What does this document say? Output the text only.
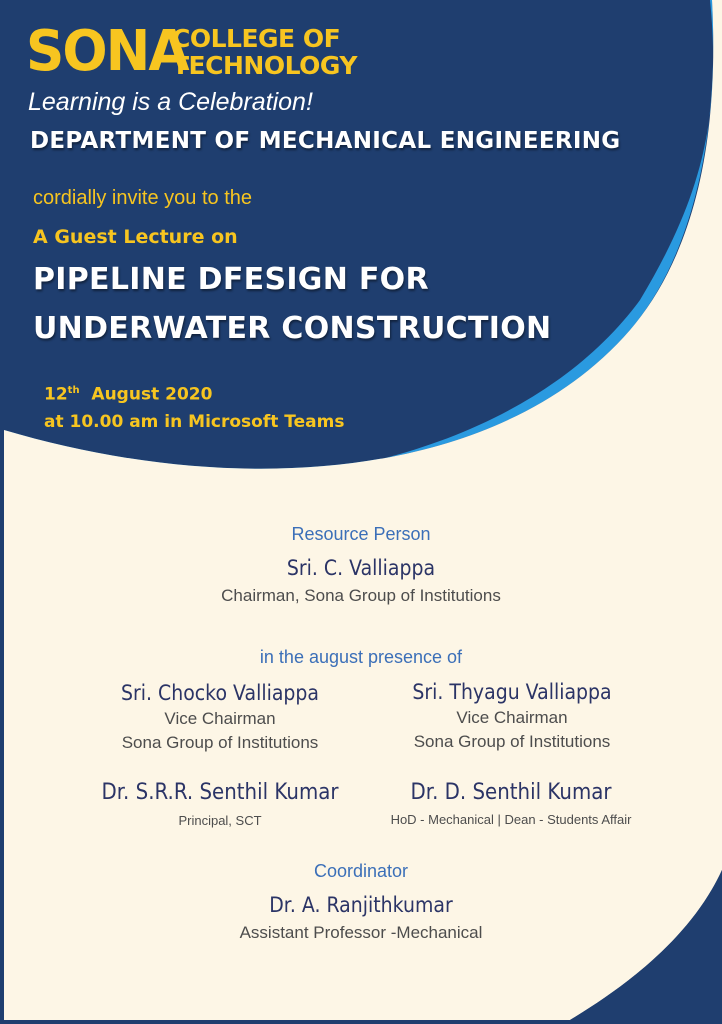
SONA
COLLEGE OF
TECHNOLOGY
Learning is a Celebration!
DEPARTMENT OF MECHANICAL ENGINEERING
cordially invite you to the
A Guest Lecture on
PIPELINE DFESIGN FOR
UNDERWATER CONSTRUCTION
12th August 2020
at 10.00 am in Microsoft Teams
Resource Person
Sri. C. Valliappa
Chairman, Sona Group of Institutions
in the august presence of
Sri. Chocko Valliappa
Vice Chairman
Sona Group of Institutions
Sri. Thyagu Valliappa
Vice Chairman
Sona Group of Institutions
Dr. S.R.R. Senthil Kumar
Principal, SCT
Dr. D. Senthil Kumar
HoD - Mechanical | Dean - Students Affair
Coordinator
Dr. A. Ranjithkumar
Assistant Professor -Mechanical
